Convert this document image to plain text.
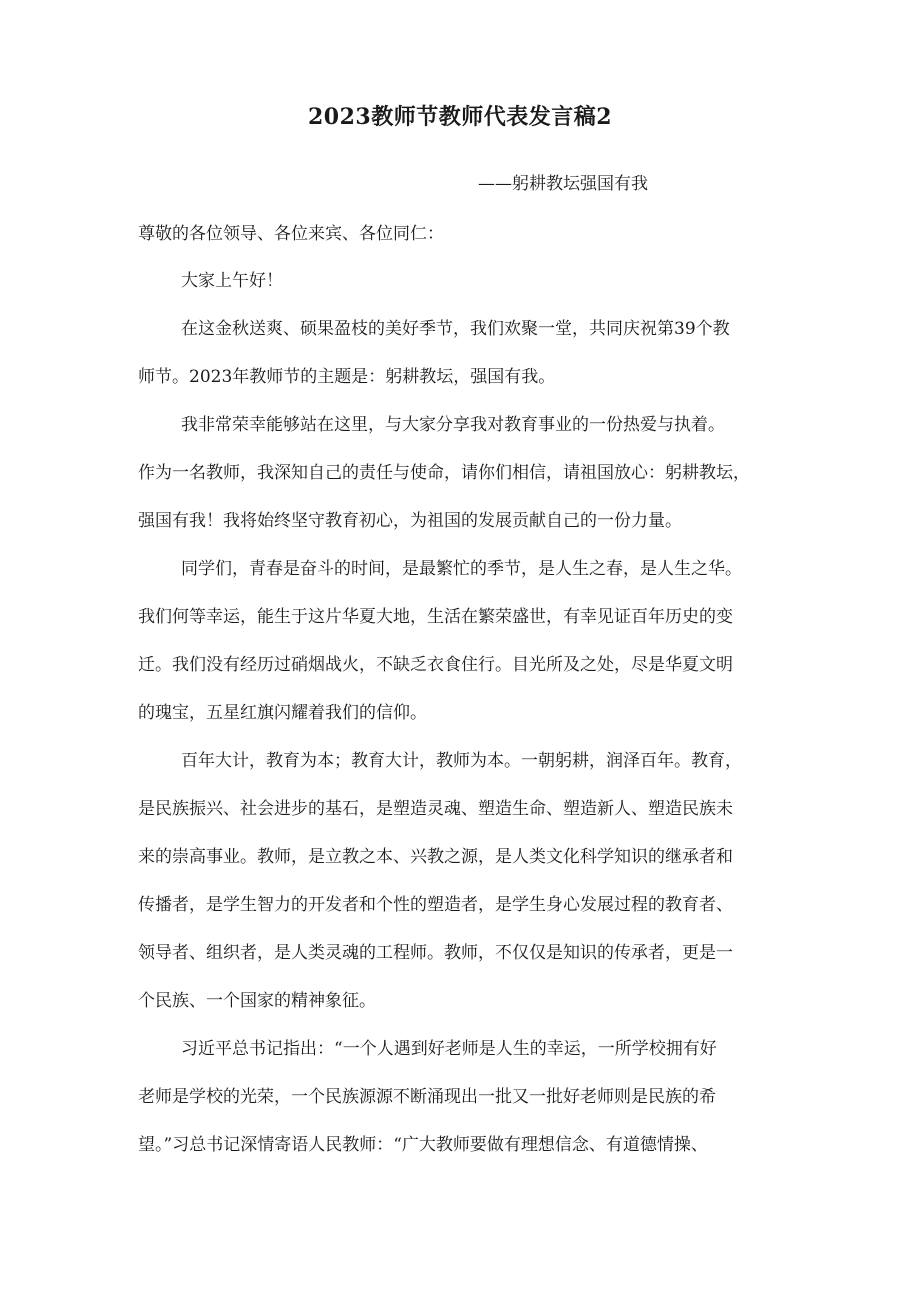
2023教师节教师代表发言稿2
——躬耕教坛强国有我
尊敬的各位领导、各位来宾、各位同仁：
大家上午好！
在这金秋送爽、硕果盈枝的美好季节，我们欢聚一堂，共同庆祝第39个教
师节。2023年教师节的主题是：躬耕教坛，强国有我。
我非常荣幸能够站在这里，与大家分享我对教育事业的一份热爱与执着。
作为一名教师，我深知自己的责任与使命，请你们相信，请祖国放心：躬耕教坛，
强国有我！我将始终坚守教育初心，为祖国的发展贡献自己的一份力量。
同学们，青春是奋斗的时间，是最繁忙的季节，是人生之春，是人生之华。
我们何等幸运，能生于这片华夏大地，生活在繁荣盛世，有幸见证百年历史的变
迁。我们没有经历过硝烟战火，不缺乏衣食住行。目光所及之处，尽是华夏文明
的瑰宝，五星红旗闪耀着我们的信仰。
百年大计，教育为本；教育大计，教师为本。一朝躬耕，润泽百年。教育，
是民族振兴、社会进步的基石，是塑造灵魂、塑造生命、塑造新人、塑造民族未
来的崇高事业。教师，是立教之本、兴教之源，是人类文化科学知识的继承者和
传播者，是学生智力的开发者和个性的塑造者，是学生身心发展过程的教育者、
领导者、组织者，是人类灵魂的工程师。教师，不仅仅是知识的传承者，更是一
个民族、一个国家的精神象征。
习近平总书记指出：“一个人遇到好老师是人生的幸运，一所学校拥有好
老师是学校的光荣，一个民族源源不断涌现出一批又一批好老师则是民族的希
望。”习总书记深情寄语人民教师：“广大教师要做有理想信念、有道德情操、
